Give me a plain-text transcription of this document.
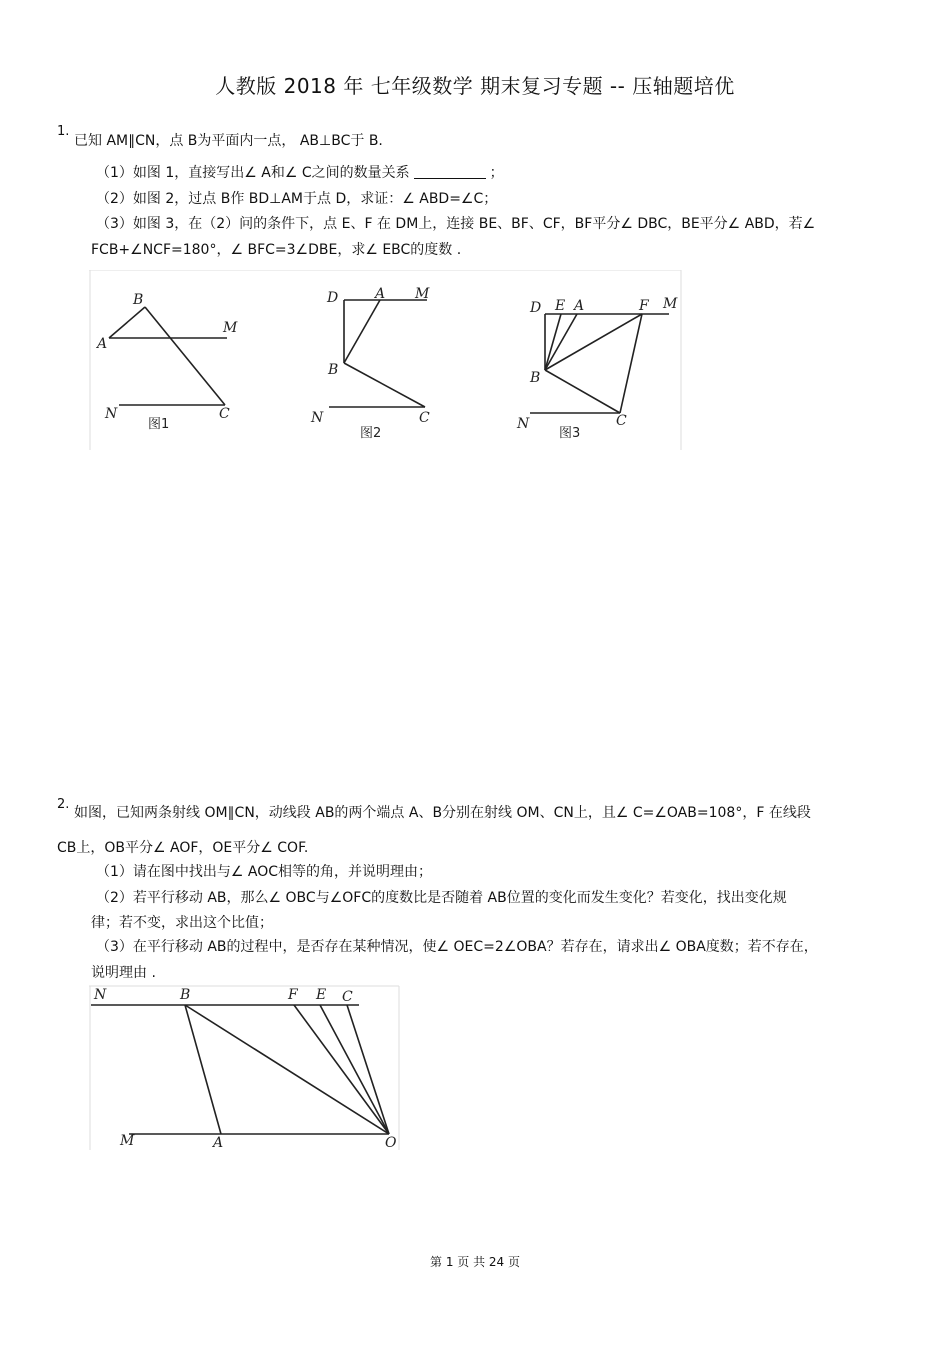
人教版 2018 年 七年级数学 期末复习专题 -- 压轴题培优
1.
已知 AM∥CN，点 B为平面内一点， AB⊥BC于 B.
（1）如图 1，直接写出∠ A和∠ C之间的数量关系	；
（2）如图 2，过点 B作 BD⊥AM于点 D，求证：∠ ABD=∠C；
（3）如图 3，在（2）问的条件下，点 E、F 在 DM上，连接 BE、BF、CF，BF平分∠ DBC，BE平分∠ ABD，若∠
FCB+∠NCF=180°，∠ BFC=3∠DBE，求∠ EBC的度数 .
B
A
M
N	C
图1
D	A M
B
N	C
图2
D E A	F M
B
N	C
图3
2.
如图，已知两条射线 OM∥CN，动线段 AB的两个端点 A、B分别在射线 OM、CN上，且∠ C=∠OAB=108°，F 在线段
CB上，OB平分∠ AOF，OE平分∠ COF.
（1）请在图中找出与∠ AOC相等的角，并说明理由；
（2）若平行移动 AB，那么∠ OBC与∠OFC的度数比是否随着 AB位置的变化而发生变化？若变化，找出变化规
律；若不变，求出这个比值；
（3）在平行移动 AB的过程中，是否存在某种情况，使∠ OEC=2∠OBA？若存在，请求出∠ OBA度数；若不存在，
说明理由 .
N	B	F E C
M	A	O
第 1 页 共 24 页
